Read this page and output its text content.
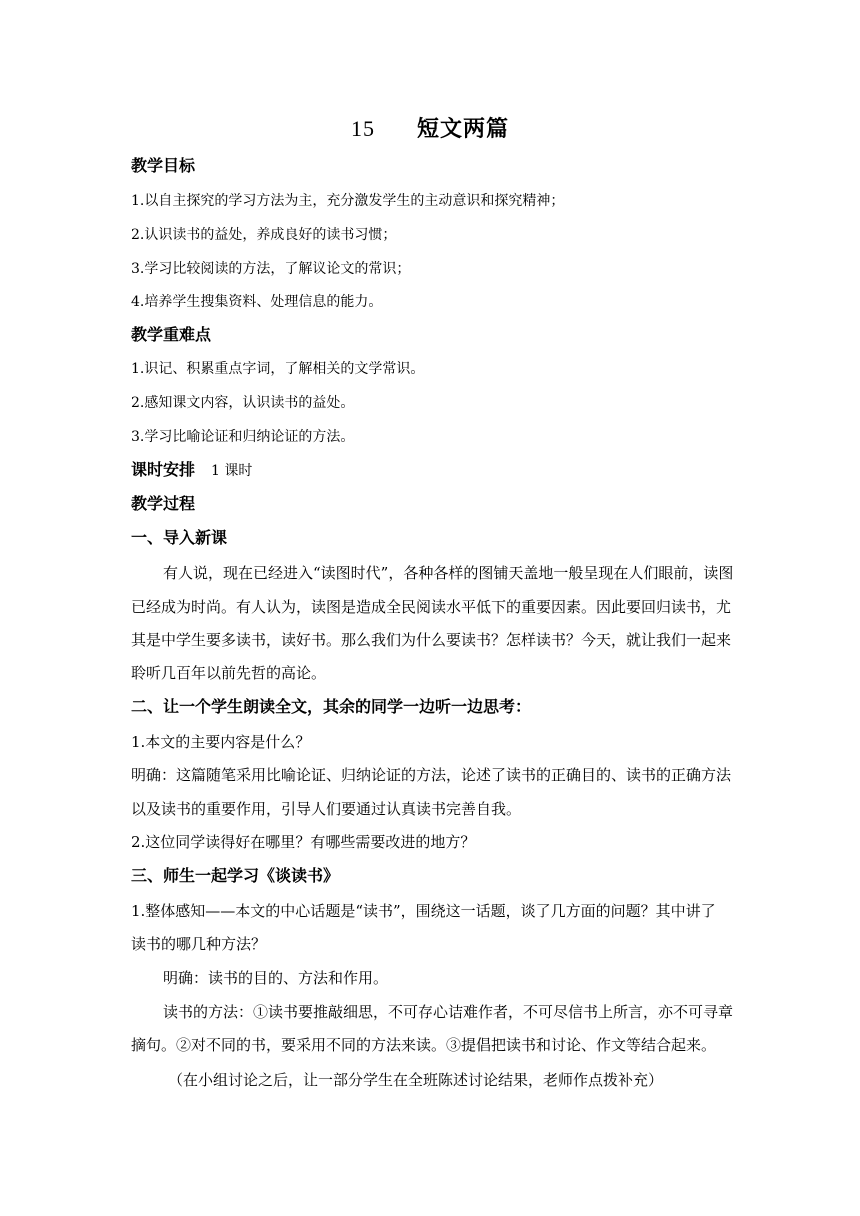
15 短文两篇
教学目标
1.以自主探究的学习方法为主，充分激发学生的主动意识和探究精神；
2.认识读书的益处，养成良好的读书习惯；
3.学习比较阅读的方法，了解议论文的常识；
4.培养学生搜集资料、处理信息的能力。
教学重难点
1.识记、积累重点字词，了解相关的文学常识。
2.感知课文内容，认识读书的益处。
3.学习比喻论证和归纳论证的方法。
课时安排 1 课时
教学过程
一、导入新课
有人说，现在已经进入“读图时代”，各种各样的图铺天盖地一般呈现在人们眼前，读图
已经成为时尚。有人认为，读图是造成全民阅读水平低下的重要因素。因此要回归读书，尤
其是中学生要多读书，读好书。那么我们为什么要读书？怎样读书？今天，就让我们一起来
聆听几百年以前先哲的高论。
二、让一个学生朗读全文，其余的同学一边听一边思考：
1.本文的主要内容是什么？
明确：这篇随笔采用比喻论证、归纳论证的方法，论述了读书的正确目的、读书的正确方法
以及读书的重要作用，引导人们要通过认真读书完善自我。
2.这位同学读得好在哪里？有哪些需要改进的地方？
三、师生一起学习《谈读书》
1.整体感知——本文的中心话题是“读书”，围绕这一话题，谈了几方面的问题？其中讲了
读书的哪几种方法？
明确：读书的目的、方法和作用。
读书的方法：①读书要推敲细思，不可存心诘难作者，不可尽信书上所言，亦不可寻章
摘句。②对不同的书，要采用不同的方法来读。③提倡把读书和讨论、作文等结合起来。
（在小组讨论之后，让一部分学生在全班陈述讨论结果，老师作点拨补充）
